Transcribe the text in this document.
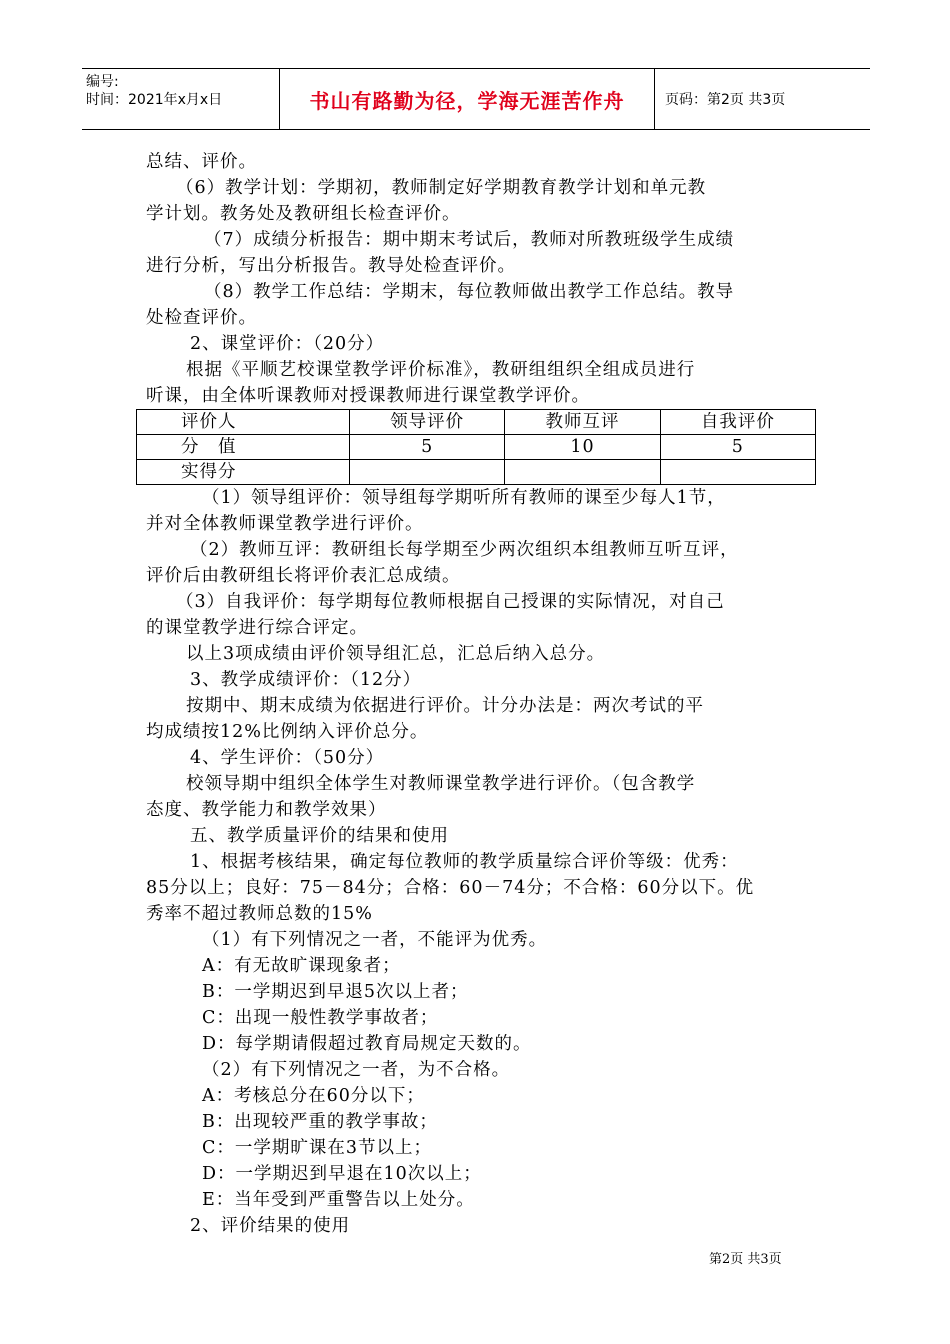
编号:
时间：2021年x月x日	书山有路勤为径，学海无涯苦作舟	页码：第2页 共3页

总结、评价。

（6）教学计划：学期初，教师制定好学期教育教学计划和单元教

学计划。教务处及教研组长检查评价。

（7）成绩分析报告：期中期末考试后，教师对所教班级学生成绩

进行分析，写出分析报告。教导处检查评价。

（8）教学工作总结：学期末，每位教师做出教学工作总结。教导

处检查评价。

2、课堂评价：（20分）

根据《平顺艺校课堂教学评价标准》，教研组组织全组成员进行

听课，由全体听课教师对授课教师进行课堂教学评价。

评价人	领导评价	教师互评	自我评价
分　值	5	10	5
实得分			

（1）领导组评价：领导组每学期听所有教师的课至少每人1节，

并对全体教师课堂教学进行评价。

（2）教师互评：教研组长每学期至少两次组织本组教师互听互评，

评价后由教研组长将评价表汇总成绩。

（3）自我评价：每学期每位教师根据自己授课的实际情况，对自己

的课堂教学进行综合评定。

以上3项成绩由评价领导组汇总，汇总后纳入总分。

3、教学成绩评价：（12分）

按期中、期末成绩为依据进行评价。计分办法是：两次考试的平

均成绩按12%比例纳入评价总分。

4、学生评价：（50分）

校领导期中组织全体学生对教师课堂教学进行评价。（包含教学

态度、教学能力和教学效果）

五、教学质量评价的结果和使用

1、根据考核结果，确定每位教师的教学质量综合评价等级：优秀：

85分以上；良好：75－84分；合格：60－74分；不合格：60分以下。优

秀率不超过教师总数的15%

（1）有下列情况之一者，不能评为优秀。

A：有无故旷课现象者；

B：一学期迟到早退5次以上者；

C：出现一般性教学事故者；

D：每学期请假超过教育局规定天数的。

（2）有下列情况之一者，为不合格。

A：考核总分在60分以下；

B：出现较严重的教学事故；

C：一学期旷课在3节以上；

D：一学期迟到早退在10次以上；

E：当年受到严重警告以上处分。

2、评价结果的使用

第2页 共3页
